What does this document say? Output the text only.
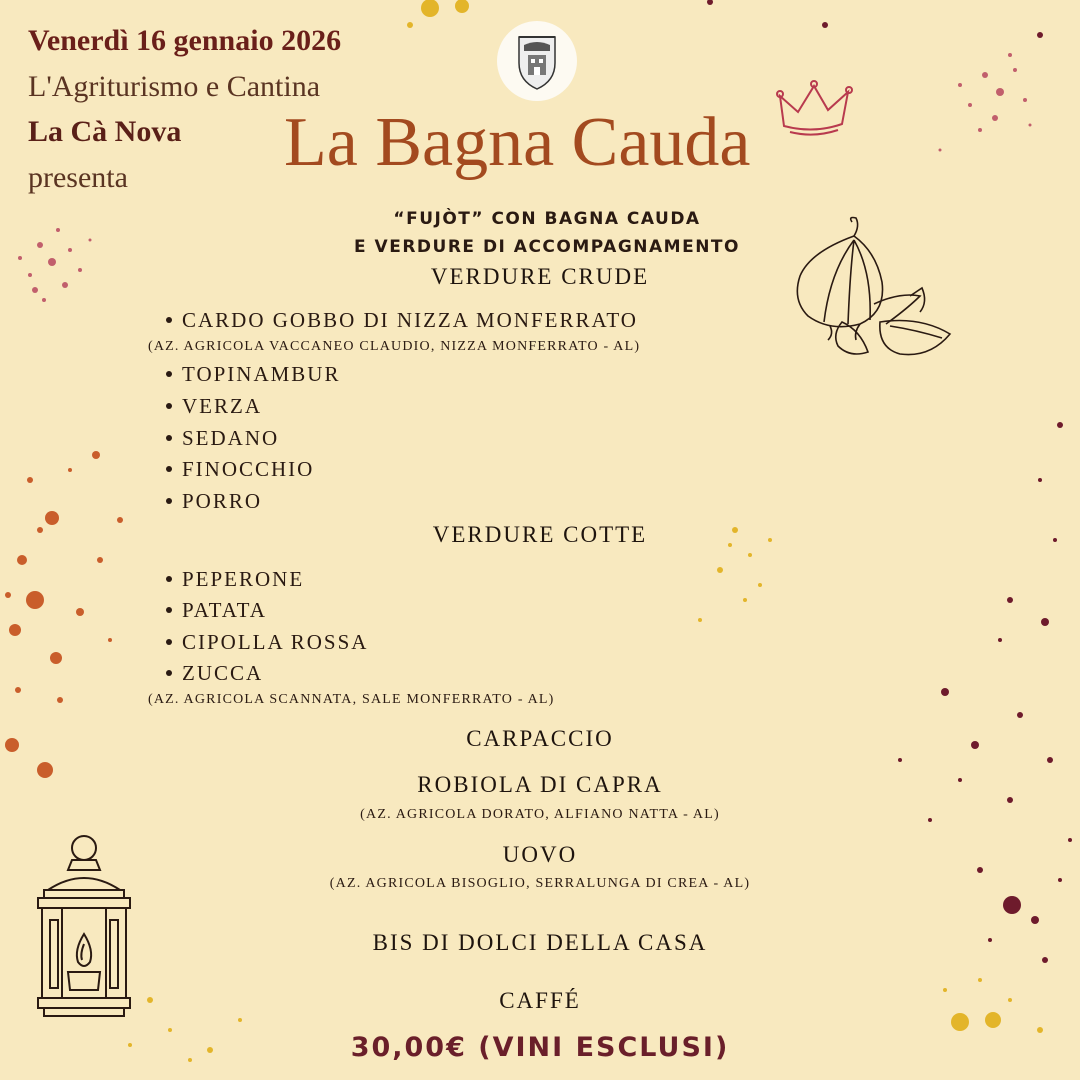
Venerdì 16 gennaio 2026
L'Agriturismo e Cantina
La Cà Nova
presenta La Bagna Cauda
“FUJÒT” CON BAGNA CAUDA
E VERDURE DI ACCOMPAGNAMENTO
VERDURE CRUDE
CARDO GOBBO DI NIZZA MONFERRATO
(AZ. AGRICOLA VACCANEO CLAUDIO, NIZZA MONFERRATO - AL)
TOPINAMBUR
VERZA
SEDANO
FINOCCHIO
PORRO
VERDURE COTTE
PEPERONE
PATATA
CIPOLLA ROSSA
ZUCCA
(AZ. AGRICOLA SCANNATA, SALE MONFERRATO - AL)
CARPACCIO
ROBIOLA DI CAPRA
(AZ. AGRICOLA DORATO, ALFIANO NATTA - AL)
UOVO
(AZ. AGRICOLA BISOGLIO, SERRALUNGA DI CREA - AL)
BIS DI DOLCI DELLA CASA
CAFFÉ
30,00€ (VINI ESCLUSI)
